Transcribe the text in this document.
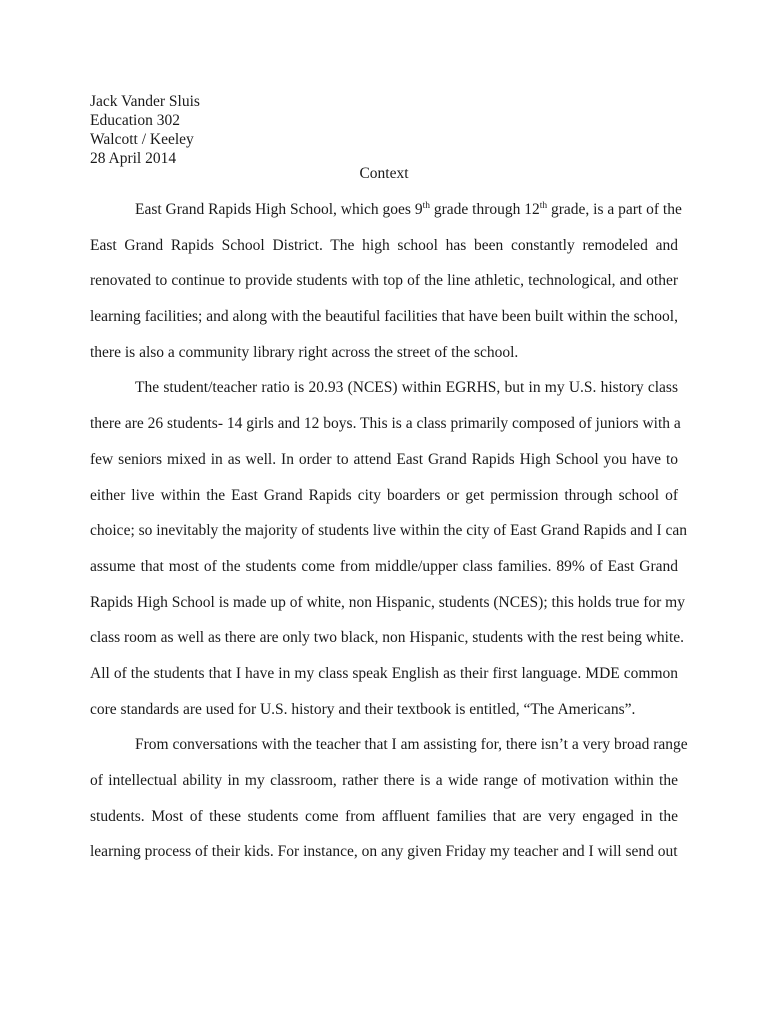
Jack Vander Sluis
Education 302
Walcott / Keeley
28 April 2014
Context
East Grand Rapids High School, which goes 9th grade through 12th grade, is a part of the
East Grand Rapids School District. The high school has been constantly remodeled and
renovated to continue to provide students with top of the line athletic, technological, and other
learning facilities; and along with the beautiful facilities that have been built within the school,
there is also a community library right across the street of the school.
The student/teacher ratio is 20.93 (NCES) within EGRHS, but in my U.S. history class
there are 26 students- 14 girls and 12 boys. This is a class primarily composed of juniors with a
few seniors mixed in as well. In order to attend East Grand Rapids High School you have to
either live within the East Grand Rapids city boarders or get permission through school of
choice; so inevitably the majority of students live within the city of East Grand Rapids and I can
assume that most of the students come from middle/upper class families. 89% of East Grand
Rapids High School is made up of white, non Hispanic, students (NCES); this holds true for my
class room as well as there are only two black, non Hispanic, students with the rest being white.
All of the students that I have in my class speak English as their first language. MDE common
core standards are used for U.S. history and their textbook is entitled, “The Americans”.
From conversations with the teacher that I am assisting for, there isn’t a very broad range
of intellectual ability in my classroom, rather there is a wide range of motivation within the
students. Most of these students come from affluent families that are very engaged in the
learning process of their kids. For instance, on any given Friday my teacher and I will send out
